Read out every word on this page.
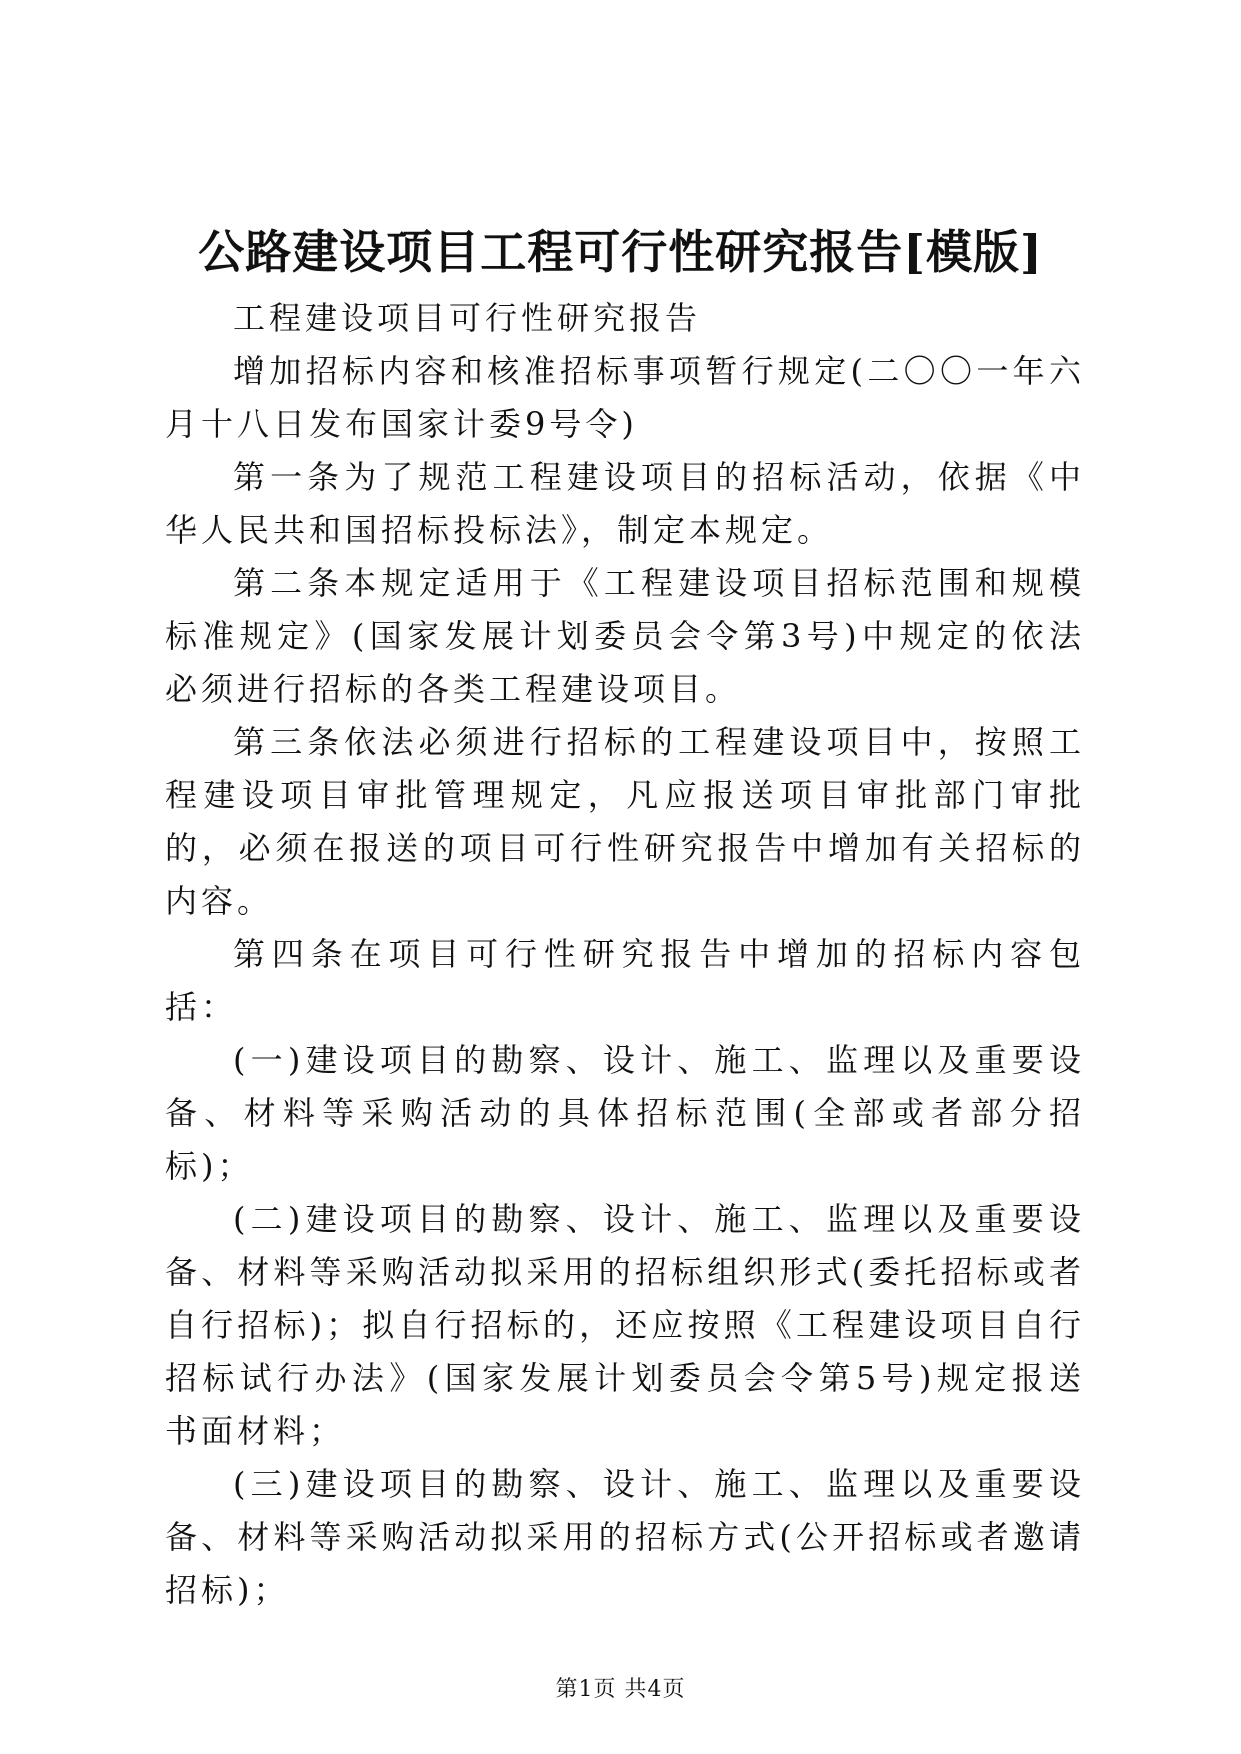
公路建设项目工程可行性研究报告[模版]

工程建设项目可行性研究报告

增加招标内容和核准招标事项暂行规定(二〇〇一年六月十八日发布国家计委9号令)

第一条为了规范工程建设项目的招标活动，依据《中华人民共和国招标投标法》，制定本规定。

第二条本规定适用于《工程建设项目招标范围和规模标准规定》(国家发展计划委员会令第3号)中规定的依法必须进行招标的各类工程建设项目。

第三条依法必须进行招标的工程建设项目中，按照工程建设项目审批管理规定，凡应报送项目审批部门审批的，必须在报送的项目可行性研究报告中增加有关招标的内容。

第四条在项目可行性研究报告中增加的招标内容包括：

(一)建设项目的勘察、设计、施工、监理以及重要设备、材料等采购活动的具体招标范围(全部或者部分招标)；

(二)建设项目的勘察、设计、施工、监理以及重要设备、材料等采购活动拟采用的招标组织形式(委托招标或者自行招标)；拟自行招标的，还应按照《工程建设项目自行招标试行办法》(国家发展计划委员会令第5号)规定报送书面材料；

(三)建设项目的勘察、设计、施工、监理以及重要设备、材料等采购活动拟采用的招标方式(公开招标或者邀请招标)；

第1页 共4页
